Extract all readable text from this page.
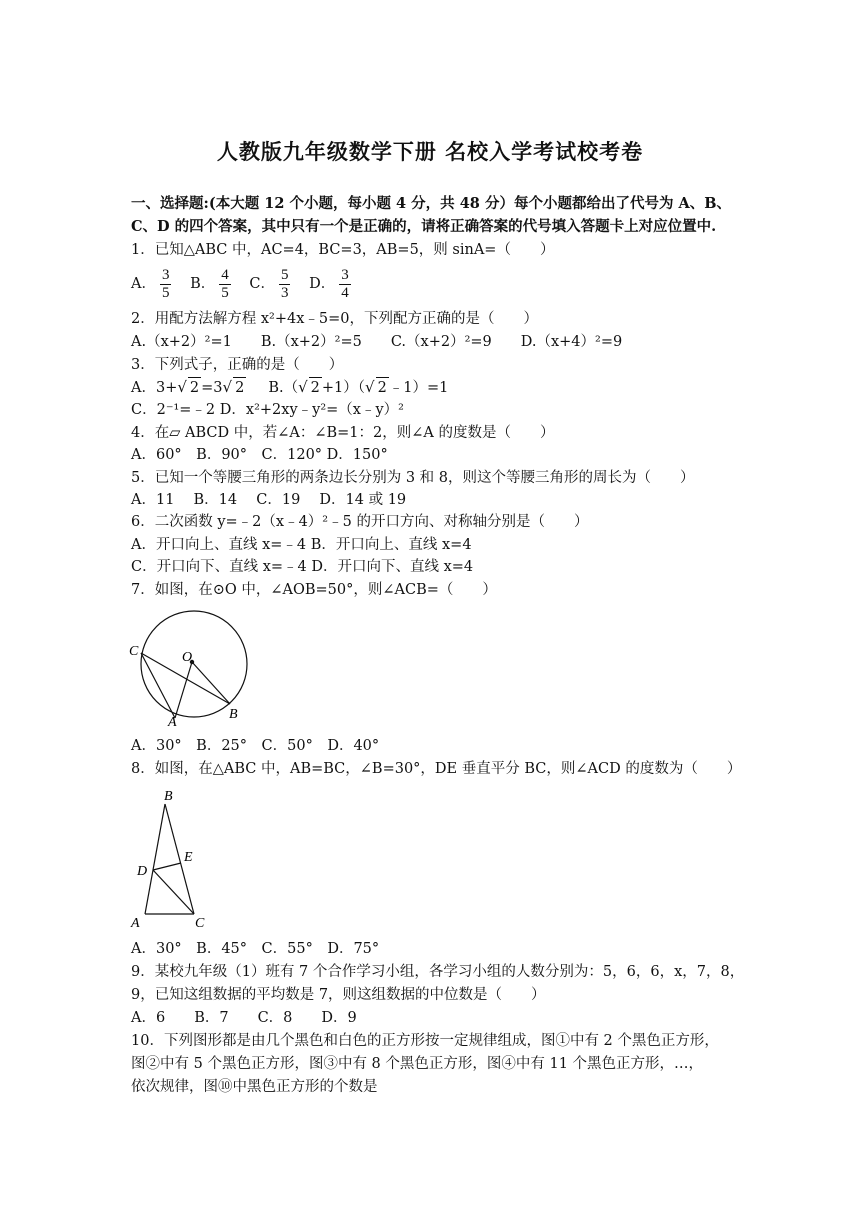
人教版九年级数学下册 名校入学考试校考卷
一、选择题:(本大题 12 个小题，每小题 4 分，共 48 分）每个小题都给出了代号为 A、B、
C、D 的四个答案，其中只有一个是正确的，请将正确答案的代号填入答题卡上对应位置中.
1．已知△ABC 中，AC=4，BC=3，AB=5，则 sinA=（　　）
A． $\frac{3}{5}$ B． $\frac{4}{5}$ C． $\frac{5}{3}$ D． $\frac{3}{4}$
2．用配方法解方程 x²+4x﹣5=0，下列配方正确的是（　　）
A.（x+2）²=1　　B.（x+2）²=5　　C.（x+2）²=9　　D.（x+4）²=9
3．下列式子，正确的是（　　）
A．3+√ 2 =3√ 2 B.（√ 2 +1）（√ 2 ﹣1）=1
C．2⁻¹=﹣2 D．x²+2xy﹣y²=（x﹣y）²
4．在▱ ABCD 中，若∠A：∠B=1：2，则∠A 的度数是（　　）
A．60°　B．90°　C．120° D．150°
5．已知一个等腰三角形的两条边长分别为 3 和 8，则这个等腰三角形的周长为（　　）
A．11　 B．14　 C．19　 D．14 或 19
6．二次函数 y=﹣2（x﹣4）²﹣5 的开口方向、对称轴分别是（　　）
A．开口向上、直线 x=﹣4 B．开口向上、直线 x=4
C．开口向下、直线 x=﹣4 D．开口向下、直线 x=4
7．如图，在⊙O 中，∠AOB=50°，则∠ACB=（　　）
C	O
A
B
A．30°　B．25°　C．50°　D．40°
8．如图，在△ABC 中，AB=BC，∠B=30°，DE 垂直平分 BC，则∠ACD 的度数为（　　）
B
E
D
A	C
A．30°　B．45°　C．55°　D．75°
9．某校九年级（1）班有 7 个合作学习小组，各学习小组的人数分别为：5，6，6，x，7，8，
9，已知这组数据的平均数是 7，则这组数据的中位数是（　　）
A．6　　B．7　　C．8　　D．9
10．下列图形都是由几个黑色和白色的正方形按一定规律组成，图①中有 2 个黑色正方形，
图②中有 5 个黑色正方形，图③中有 8 个黑色正方形，图④中有 11 个黑色正方形，…，
依次规律，图⑩中黑色正方形的个数是
